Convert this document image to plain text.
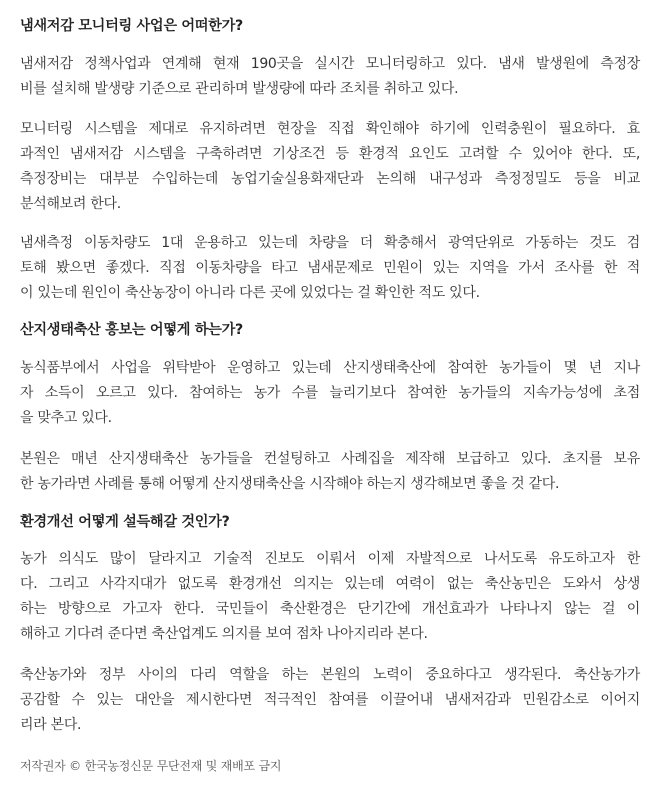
냄새저감 모니터링 사업은 어떠한가?

냄새저감 정책사업과 연계해 현재 190곳을 실시간 모니터링하고 있다. 냄새 발생원에 측정장
비를 설치해 발생량 기준으로 관리하며 발생량에 따라 조치를 취하고 있다.

모니터링 시스템을 제대로 유지하려면 현장을 직접 확인해야 하기에 인력충원이 필요하다. 효
과적인 냄새저감 시스템을 구축하려면 기상조건 등 환경적 요인도 고려할 수 있어야 한다. 또,
측정장비는 대부분 수입하는데 농업기술실용화재단과 논의해 내구성과 측정정밀도 등을 비교
분석해보려 한다.

냄새측정 이동차량도 1대 운용하고 있는데 차량을 더 확충해서 광역단위로 가동하는 것도 검
토해 봤으면 좋겠다. 직접 이동차량을 타고 냄새문제로 민원이 있는 지역을 가서 조사를 한 적
이 있는데 원인이 축산농장이 아니라 다른 곳에 있었다는 걸 확인한 적도 있다.

산지생태축산 홍보는 어떻게 하는가?

농식품부에서 사업을 위탁받아 운영하고 있는데 산지생태축산에 참여한 농가들이 몇 년 지나
자 소득이 오르고 있다. 참여하는 농가 수를 늘리기보다 참여한 농가들의 지속가능성에 초점
을 맞추고 있다.

본원은 매년 산지생태축산 농가들을 컨설팅하고 사례집을 제작해 보급하고 있다. 초지를 보유
한 농가라면 사례를 통해 어떻게 산지생태축산을 시작해야 하는지 생각해보면 좋을 것 같다.

환경개선 어떻게 설득해갈 것인가?

농가 의식도 많이 달라지고 기술적 진보도 이뤄서 이제 자발적으로 나서도록 유도하고자 한
다. 그리고 사각지대가 없도록 환경개선 의지는 있는데 여력이 없는 축산농민은 도와서 상생
하는 방향으로 가고자 한다. 국민들이 축산환경은 단기간에 개선효과가 나타나지 않는 걸 이
해하고 기다려 준다면 축산업계도 의지를 보여 점차 나아지리라 본다.

축산농가와 정부 사이의 다리 역할을 하는 본원의 노력이 중요하다고 생각된다. 축산농가가
공감할 수 있는 대안을 제시한다면 적극적인 참여를 이끌어내 냄새저감과 민원감소로 이어지
리라 본다.

저작권자 © 한국농정신문 무단전재 및 재배포 금지
